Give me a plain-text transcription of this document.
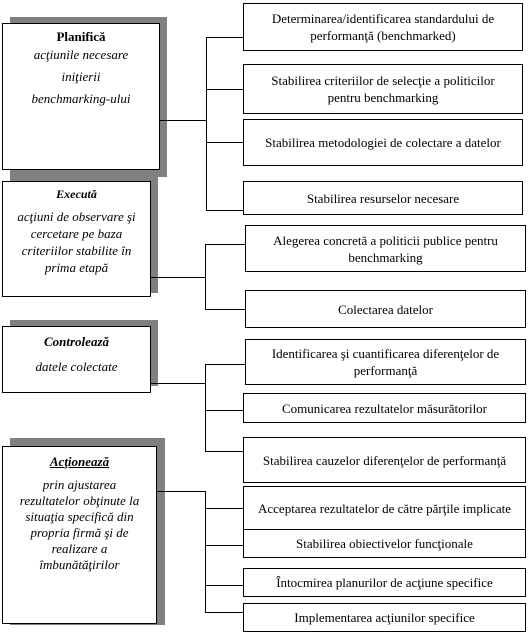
Planifică
acţiunile necesare
iniţierii
benchmarking-ului
Execută
acţiuni de observare şi cercetare pe baza criteriilor stabilite în prima etapă
Controlează
datele colectate
Acţionează
prin ajustarea rezultatelor obţinute la situaţia specifică din propria firmă şi de realizare a îmbunătăţirilor
Determinarea/identificarea standardului de performanţă (benchmarked)
Stabilirea criteriilor de selecţie a politicilor pentru benchmarking
Stabilirea metodologiei de colectare a datelor
Stabilirea resurselor necesare
Alegerea concretă a politicii publice pentru benchmarking
Colectarea datelor
Identificarea şi cuantificarea diferenţelor de performanţă
Comunicarea rezultatelor măsurătorilor
Stabilirea cauzelor diferenţelor de performanţă
Acceptarea rezultatelor de către părţile implicate
Stabilirea obiectivelor funcţionale
Întocmirea planurilor de acţiune specifice
Implementarea acţiunilor specifice
